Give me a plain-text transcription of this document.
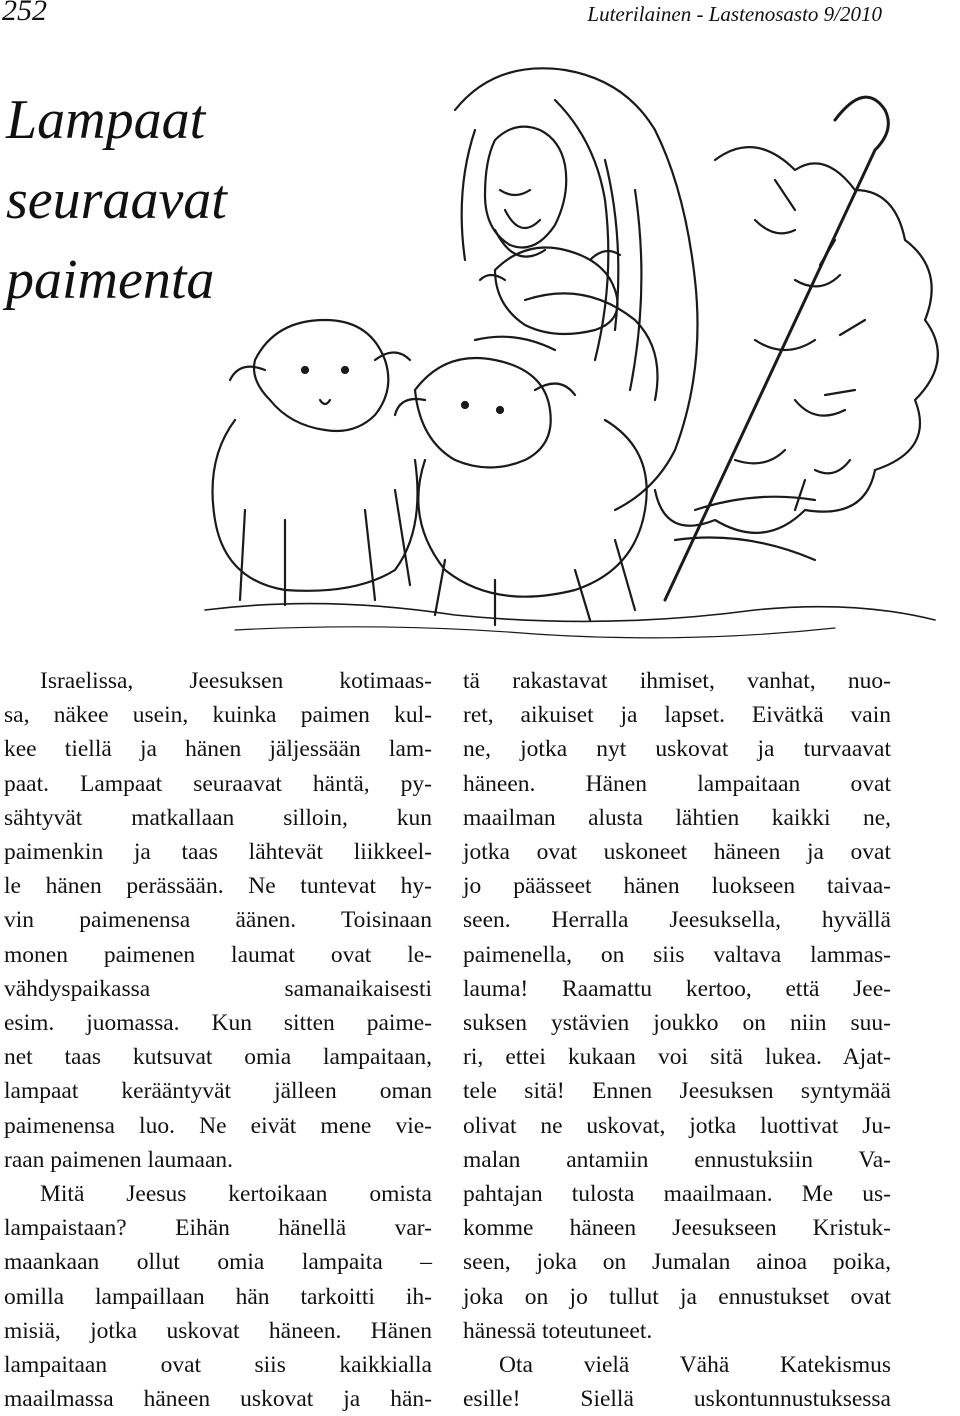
252	Luterilainen - Lastenosasto 9/2010
Lampaat
seuraavat
paimenta
Israelissa, Jeesuksen kotimaas-
sa, näkee usein, kuinka paimen kul-
kee tiellä ja hänen jäljessään lam-
paat. Lampaat seuraavat häntä, py-
sähtyvät matkallaan silloin, kun
paimenkin ja taas lähtevät liikkeel-
le hänen perässään. Ne tuntevat hy-
vin paimenensa äänen. Toisinaan
monen paimenen laumat ovat le-
vähdyspaikassa samanaikaisesti
esim. juomassa. Kun sitten paime-
net taas kutsuvat omia lampaitaan,
lampaat kerääntyvät jälleen oman
paimenensa luo. Ne eivät mene vie-
raan paimenen laumaan.
Mitä Jeesus kertoikaan omista
lampaistaan? Eihän hänellä var-
maankaan ollut omia lampaita –
omilla lampaillaan hän tarkoitti ih-
misiä, jotka uskovat häneen. Hänen
lampaitaan ovat siis kaikkialla
maailmassa häneen uskovat ja hän-
tä rakastavat ihmiset, vanhat, nuo-
ret, aikuiset ja lapset. Eivätkä vain
ne, jotka nyt uskovat ja turvaavat
häneen. Hänen lampaitaan ovat
maailman alusta lähtien kaikki ne,
jotka ovat uskoneet häneen ja ovat
jo päässeet hänen luokseen taivaa-
seen. Herralla Jeesuksella, hyvällä
paimenella, on siis valtava lammas-
lauma! Raamattu kertoo, että Jee-
suksen ystävien joukko on niin suu-
ri, ettei kukaan voi sitä lukea. Ajat-
tele sitä! Ennen Jeesuksen syntymää
olivat ne uskovat, jotka luottivat Ju-
malan antamiin ennustuksiin Va-
pahtajan tulosta maailmaan. Me us-
komme häneen Jeesukseen Kristuk-
seen, joka on Jumalan ainoa poika,
joka on jo tullut ja ennustukset ovat
hänessä toteutuneet.
Ota vielä Vähä Katekismus
esille! Siellä uskontunnustuksessa
